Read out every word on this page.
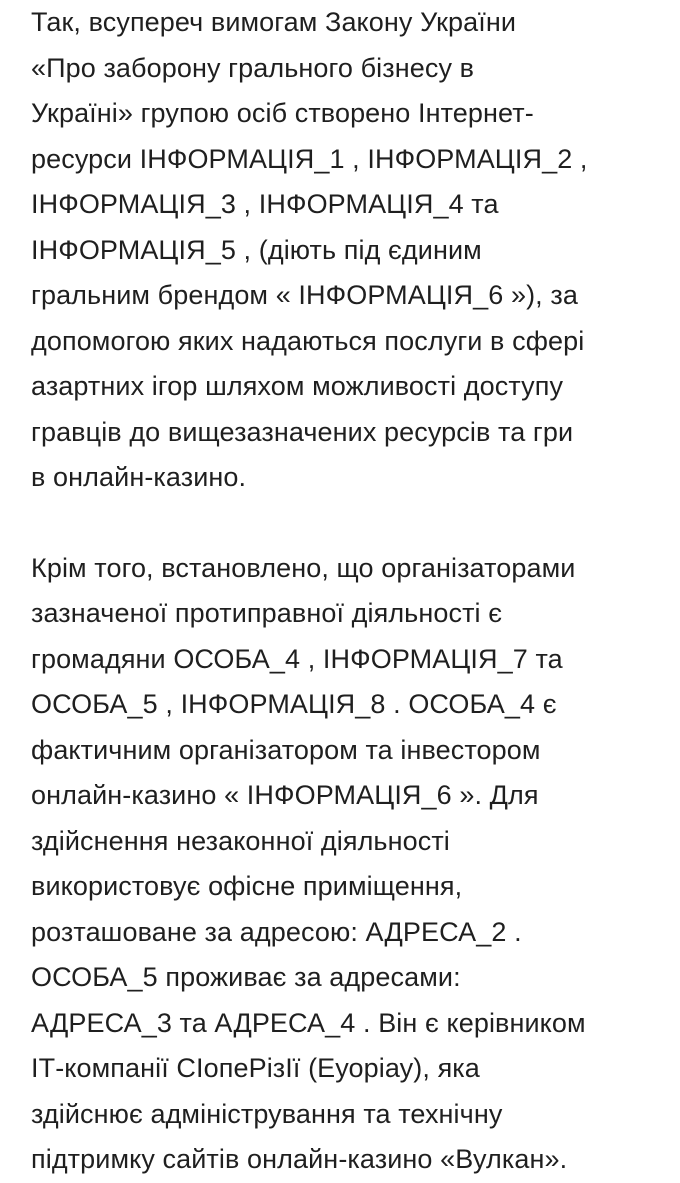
Так, всупереч вимогам Закону України
«Про заборону грального бізнесу в
Україні» групою осіб створено Інтернет-
ресурси ІНФОРМАЦІЯ_1 , ІНФОРМАЦІЯ_2 ,
ІНФОРМАЦІЯ_3 , ІНФОРМАЦІЯ_4 та
ІНФОРМАЦІЯ_5 , (діють під єдиним
гральним брендом « ІНФОРМАЦІЯ_6 »), за
допомогою яких надаються послуги в сфері
азартних ігор шляхом можливості доступу
гравців до вищезазначених ресурсів та гри
в онлайн-казино.
Крім того, встановлено, що організаторами
зазначеної протиправної діяльності є
громадяни ОСОБА_4 , ІНФОРМАЦІЯ_7 та
ОСОБА_5 , ІНФОРМАЦІЯ_8 . ОСОБА_4 є
фактичним організатором та інвестором
онлайн-казино « ІНФОРМАЦІЯ_6 ». Для
здійснення незаконної діяльності
використовує офісне приміщення,
розташоване за адресою: АДРЕСА_2 .
ОСОБА_5 проживає за адресами:
АДРЕСА_3 та АДРЕСА_4 . Він є керівником
ІТ-компанії СІопеРізІї (Еуоріау), яка
здійснює адміністрування та технічну
підтримку сайтів онлайн-казино «Вулкан».
